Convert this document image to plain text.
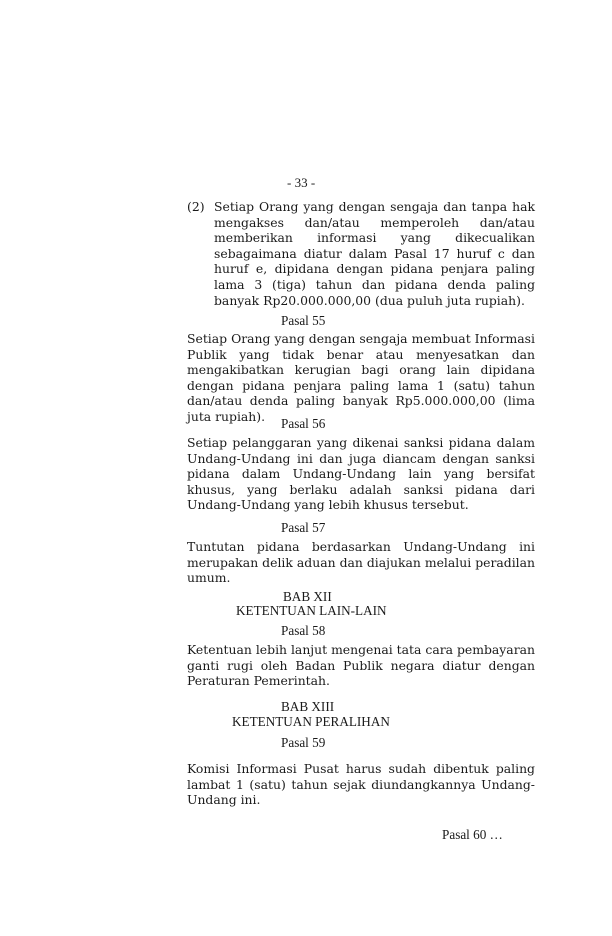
- 33 -
(2) Setiap Orang yang dengan sengaja dan tanpa hak mengakses dan/atau memperoleh dan/atau memberikan informasi yang dikecualikan sebagaimana diatur dalam Pasal 17 huruf c dan huruf e, dipidana dengan pidana penjara paling lama 3 (tiga) tahun dan pidana denda paling banyak Rp20.000.000,00 (dua puluh juta rupiah).
Pasal 55
Setiap Orang yang dengan sengaja membuat Informasi Publik yang tidak benar atau menyesatkan dan mengakibatkan kerugian bagi orang lain dipidana dengan pidana penjara paling lama 1 (satu) tahun dan/atau denda paling banyak Rp5.000.000,00 (lima juta rupiah).	Pasal 56
Setiap pelanggaran yang dikenai sanksi pidana dalam Undang-Undang ini dan juga diancam dengan sanksi pidana dalam Undang-Undang lain yang bersifat khusus, yang berlaku adalah sanksi pidana dari Undang-Undang yang lebih khusus tersebut.
Pasal 57
Tuntutan pidana berdasarkan Undang-Undang ini merupakan delik aduan dan diajukan melalui peradilan umum.
BAB XII
KETENTUAN LAIN-LAIN
Pasal 58
Ketentuan lebih lanjut mengenai tata cara pembayaran ganti rugi oleh Badan Publik negara diatur dengan Peraturan Pemerintah.
BAB XIII
KETENTUAN PERALIHAN
Pasal 59
Komisi Informasi Pusat harus sudah dibentuk paling lambat 1 (satu) tahun sejak diundangkannya Undang-Undang ini.
Pasal 60 …
